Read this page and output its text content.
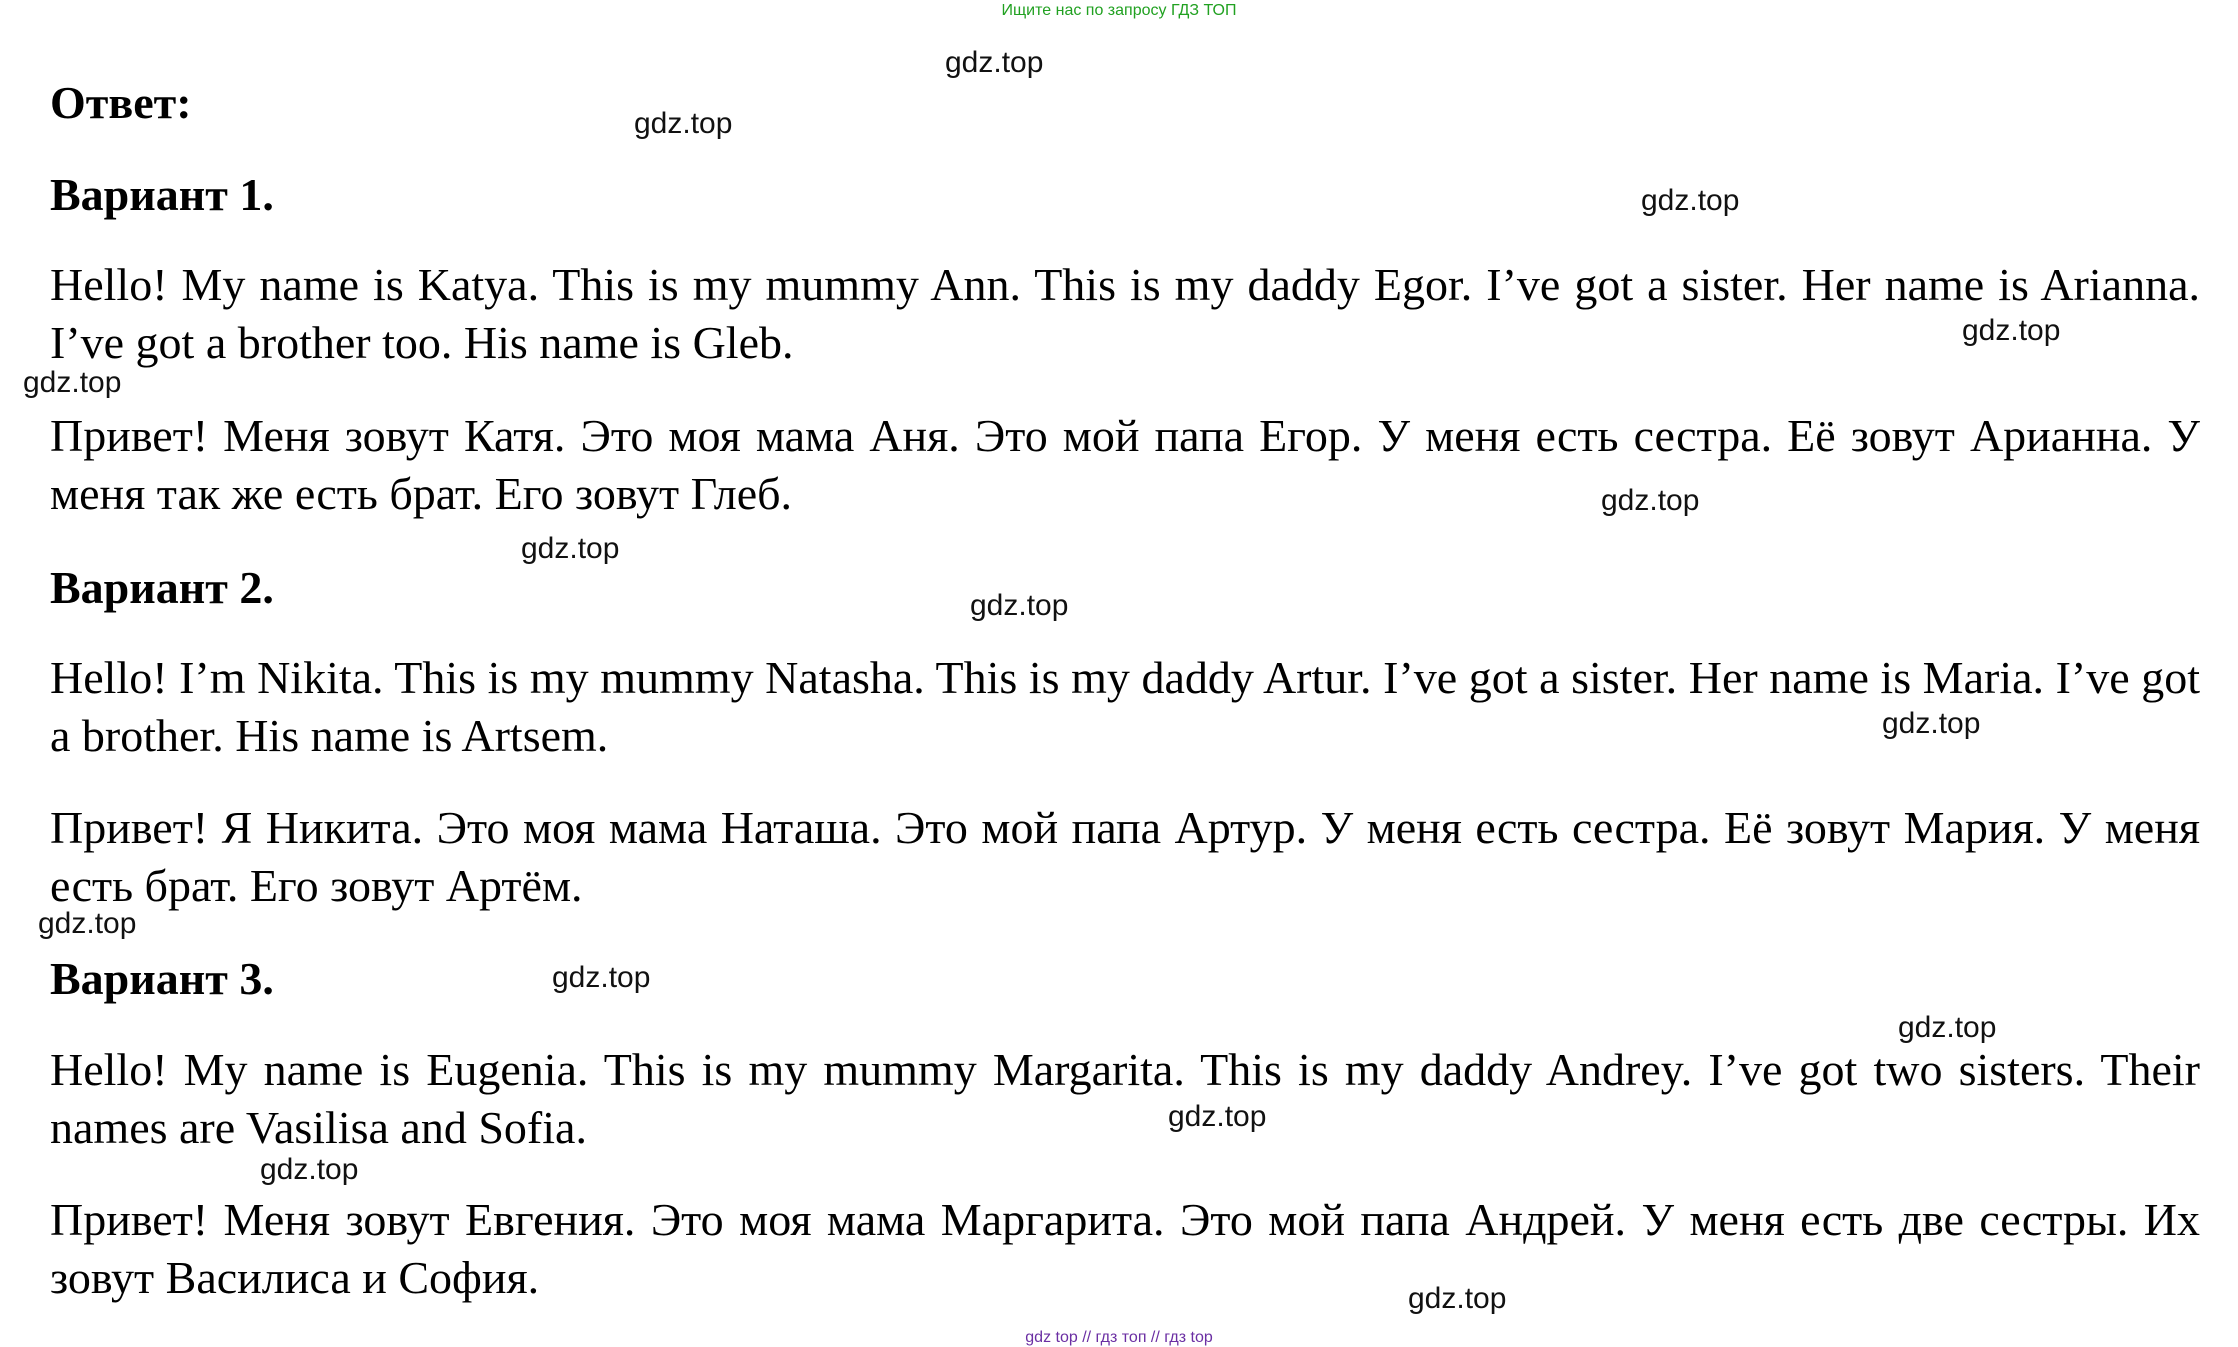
Ищите нас по запросу ГДЗ ТОП
Ответ:
Вариант 1.
Hello! My name is Katya. This is my mummy Ann. This is my daddy Egor. I’ve got a sister. Her name is Arianna. I’ve got a brother too. His name is Gleb.
Привет! Меня зовут Катя. Это моя мама Аня. Это мой папа Егор. У меня есть сестра. Её зовут Арианна. У меня так же есть брат. Его зовут Глеб.
Вариант 2.
Hello! I’m Nikita. This is my mummy Natasha. This is my daddy Artur. I’ve got a sister. Her name is Maria. I’ve got a brother. His name is Artsem.
Привет! Я Никита. Это моя мама Наташа. Это мой папа Артур. У меня есть сестра. Её зовут Мария. У меня есть брат. Его зовут Артём.
Вариант 3.
Hello! My name is Eugenia. This is my mummy Margarita. This is my daddy Andrey. I’ve got two sisters. Their names are Vasilisa and Sofia.
Привет! Меня зовут Евгения. Это моя мама Маргарита. Это мой папа Андрей. У меня есть две сестры. Их зовут Василиса и София.
gdz.top
gdz.top
gdz.top
gdz.top
gdz.top
gdz.top
gdz.top
gdz.top
gdz.top
gdz.top
gdz.top
gdz.top
gdz.top
gdz.top
gdz.top
gdz top // гдз топ // гдз top
